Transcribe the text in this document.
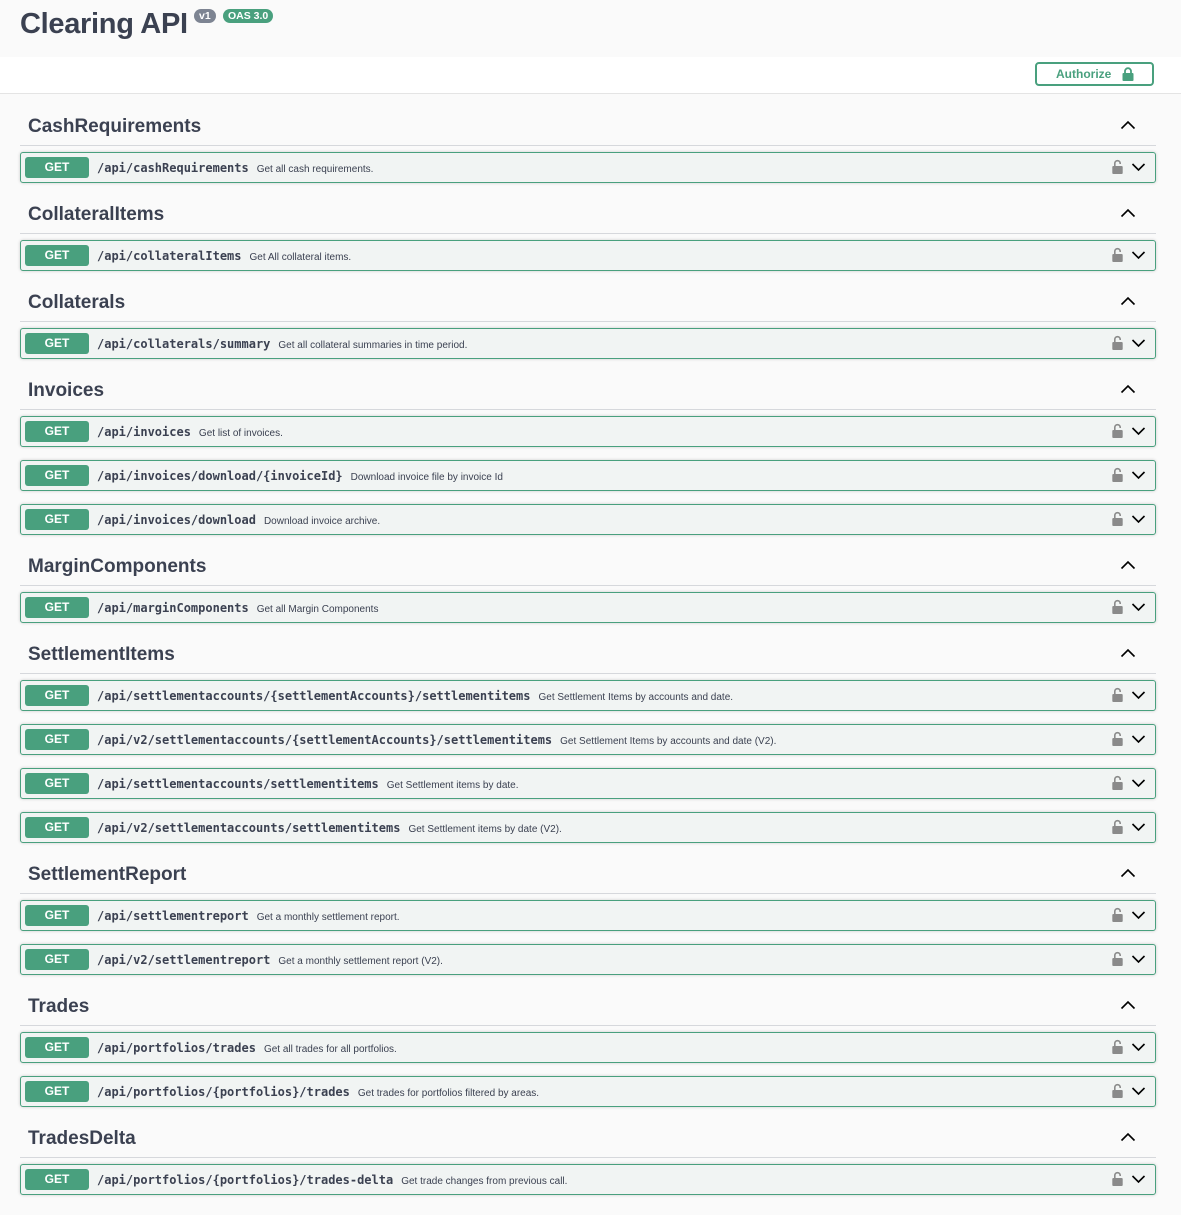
Clearing API	v1	OAS 3.0
Authorize
CashRequirements
GET	/api/cashRequirements Get all cash requirements.
CollateralItems
GET	/api/collateralItems Get All collateral items.
Collaterals
GET	/api/collaterals/summary Get all collateral summaries in time period.
Invoices
GET	/api/invoices Get list of invoices.
GET	/api/invoices/download/{invoiceId} Download invoice file by invoice Id
GET	/api/invoices/download Download invoice archive.
MarginComponents
GET	/api/marginComponents Get all Margin Components
SettlementItems
GET	/api/settlementaccounts/{settlementAccounts}/settlementitems Get Settlement Items by accounts and date.
GET	/api/v2/settlementaccounts/{settlementAccounts}/settlementitems Get Settlement Items by accounts and date (V2).
GET	/api/settlementaccounts/settlementitems Get Settlement items by date.
GET	/api/v2/settlementaccounts/settlementitems Get Settlement items by date (V2).
SettlementReport
GET	/api/settlementreport Get a monthly settlement report.
GET	/api/v2/settlementreport Get a monthly settlement report (V2).
Trades
GET	/api/portfolios/trades Get all trades for all portfolios.
GET	/api/portfolios/{portfolios}/trades Get trades for portfolios filtered by areas.
TradesDelta
GET	/api/portfolios/{portfolios}/trades-delta Get trade changes from previous call.
